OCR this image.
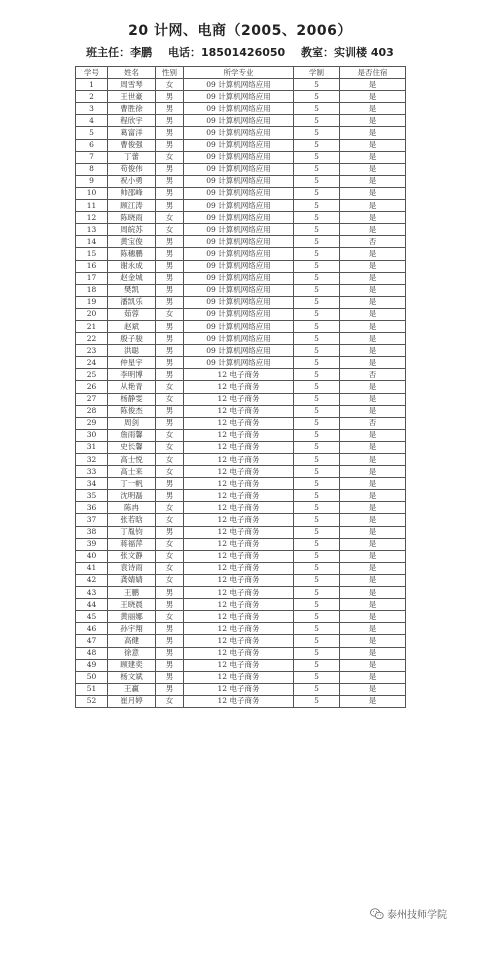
20 计网、电商（2005、2006）
班主任：李鹏 电话：18501426050 教室：实训楼 403
学号	姓名	性别	所学专业	学制	是否住宿
1	周雪琴	女	09 计算机网络应用	5	是
2	王世豪	男	09 计算机网络应用	5	是
3	曹胜徐	男	09 计算机网络应用	5	是
4	程欣宇	男	09 计算机网络应用	5	是
5	葛富洋	男	09 计算机网络应用	5	是
6	曹俊强	男	09 计算机网络应用	5	是
7	丁蕾	女	09 计算机网络应用	5	是
8	苟俊伟	男	09 计算机网络应用	5	是
9	祝小勇	男	09 计算机网络应用	5	是
10	帅邵峰	男	09 计算机网络应用	5	是
11	顾江涛	男	09 计算机网络应用	5	是
12	陈晓雨	女	09 计算机网络应用	5	是
13	周皖苏	女	09 计算机网络应用	5	是
14	黄宝俊	男	09 计算机网络应用	5	否
15	陈穗鹏	男	09 计算机网络应用	5	是
16	谢永成	男	09 计算机网络应用	5	是
17	赵金城	男	09 计算机网络应用	5	是
18	樊凯	男	09 计算机网络应用	5	是
19	潘凯乐	男	09 计算机网络应用	5	是
20	茹蓉	女	09 计算机网络应用	5	是
21	赵斌	男	09 计算机网络应用	5	是
22	殷子骏	男	09 计算机网络应用	5	是
23	洪聪	男	09 计算机网络应用	5	是
24	仲星宇	男	09 计算机网络应用	5	是
25	李明博	男	12 电子商务	5	否
26	从艳青	女	12 电子商务	5	是
27	杨静雯	女	12 电子商务	5	是
28	陈俊杰	男	12 电子商务	5	是
29	周剑	男	12 电子商务	5	否
30	詹雨馨	女	12 电子商务	5	是
31	史长馨	女	12 电子商务	5	是
32	高士悦	女	12 电子商务	5	是
33	高士来	女	12 电子商务	5	是
34	丁一帆	男	12 电子商务	5	是
35	沈明磊	男	12 电子商务	5	是
36	陈冉	女	12 电子商务	5	是
37	张若晗	女	12 电子商务	5	是
38	丁胤钧	男	12 电子商务	5	是
39	蒋福萍	女	12 电子商务	5	是
40	张文静	女	12 电子商务	5	是
41	袁诗雨	女	12 电子商务	5	是
42	龚婧婧	女	12 电子商务	5	是
43	王鹏	男	12 电子商务	5	是
44	王晓晨	男	12 电子商务	5	是
45	黄丽娜	女	12 电子商务	5	是
46	孙宇翔	男	12 电子商务	5	是
47	高健	男	12 电子商务	5	是
48	徐意	男	12 电子商务	5	是
49	顾建奕	男	12 电子商务	5	是
50	杨文斌	男	12 电子商务	5	是
51	王赢	男	12 电子商务	5	是
52	崔月婷	女	12 电子商务	5	是
泰州技师学院
